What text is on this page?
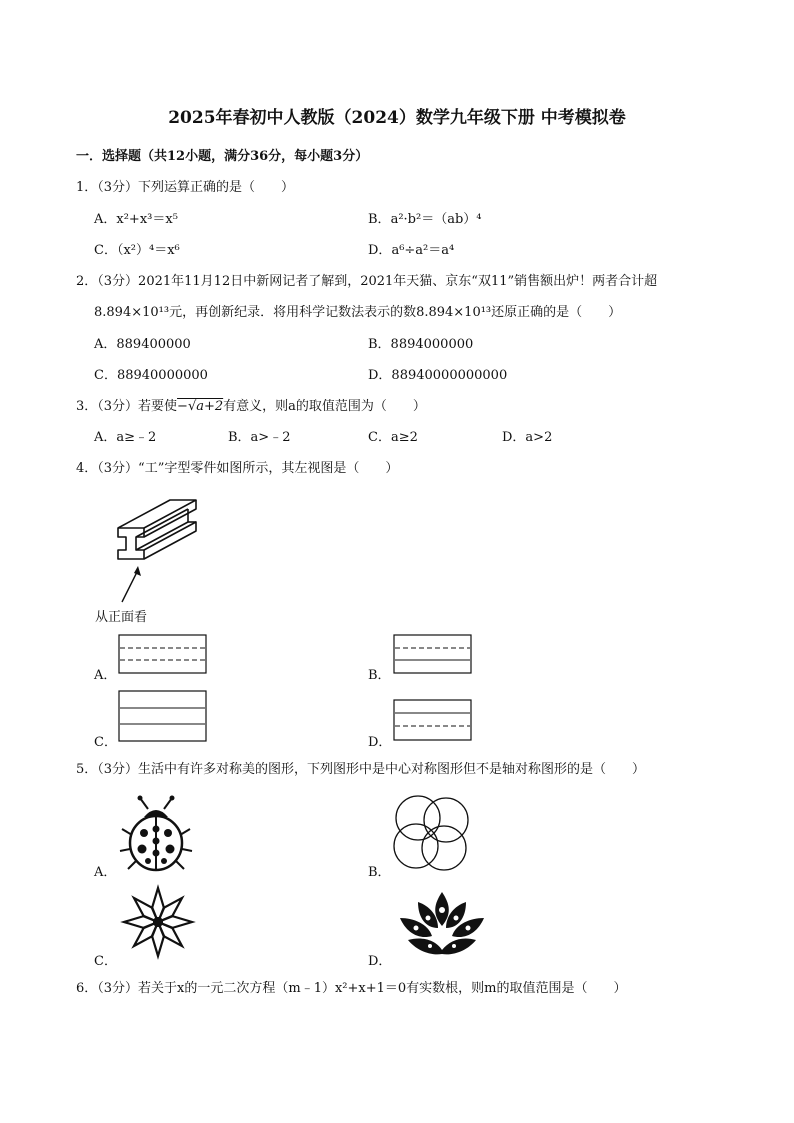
2025年春初中人教版（2024）数学九年级下册 中考模拟卷
一．选择题（共12小题，满分36分，每小题3分）
1．（3分）下列运算正确的是（　　）
A．x²+x³＝x⁵	B．a²·b²＝（ab）⁴
C．（x²）⁴＝x⁶	D．a⁶÷a²＝a⁴
2．（3分）2021年11月12日中新网记者了解到，2021年天猫、京东“双11”销售额出炉！两者合计超
8.894×10¹³元，再创新纪录．将用科学记数法表示的数8.894×10¹³还原正确的是（　　）
A．889400000	B．8894000000
C．88940000000	D．88940000000000
3．（3分）若要使−√a+2有意义，则a的取值范围为（　　）
A．a≥﹣2	B．a>﹣2	C．a≥2	D．a>2
4．（3分）“工”字型零件如图所示，其左视图是（　　）
从正面看
A．	B．
C．	D．
5．（3分）生活中有许多对称美的图形，下列图形中是中心对称图形但不是轴对称图形的是（　　）
A．	B．
C．	D．
6．（3分）若关于x的一元二次方程（m﹣1）x²+x+1＝0有实数根，则m的取值范围是（　　）
